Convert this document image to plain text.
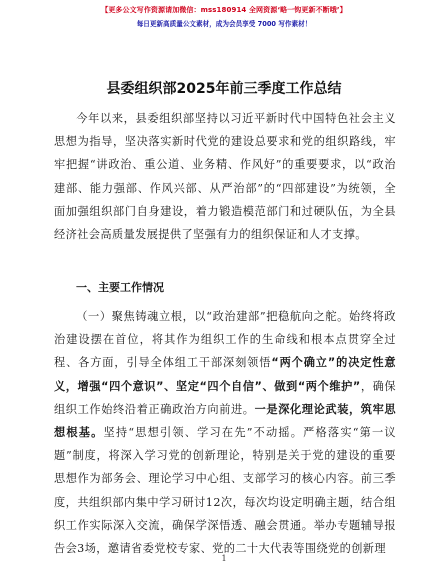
【更多公文写作资源请加微信：mss180914 全网资源‘略一钩更新不断哦’】
每日更新高质量公文素材，成为会员享受 7000 写作素材！
县委组织部2025年前三季度工作总结
今年以来，县委组织部坚持以习近平新时代中国特色社会主义思想为指导，坚决落实新时代党的建设总要求和党的组织路线，牢牢把握“讲政治、重公道、业务精、作风好”的重要要求，以“政治建部、能力强部、作风兴部、从严治部”的“四部建设”为统领，全面加强组织部门自身建设，着力锻造模范部门和过硬队伍，为全县经济社会高质量发展提供了坚强有力的组织保证和人才支撑。
一、主要工作情况
（一）聚焦铸魂立根，以“政治建部”把稳航向之舵。始终将政治建设摆在首位，将其作为组织工作的生命线和根本点贯穿全过程、各方面，引导全体组工干部深刻领悟“两个确立”的决定性意义，增强“四个意识”、坚定“四个自信”、做到“两个维护”，确保组织工作始终沿着正确政治方向前进。一是深化理论武装，筑牢思想根基。坚持“思想引领、学习在先”不动摇。严格落实“第一议题”制度，将深入学习党的创新理论，特别是关于党的建设的重要思想作为部务会、理论学习中心组、支部学习的核心内容。前三季度，共组织部内集中学习研讨12次，每次均设定明确主题，结合组织工作实际深入交流，确保学深悟透、融会贯通。举办专题辅导报告会3场，邀请省委党校专家、党的二十大代表等围绕党的创新理
1
